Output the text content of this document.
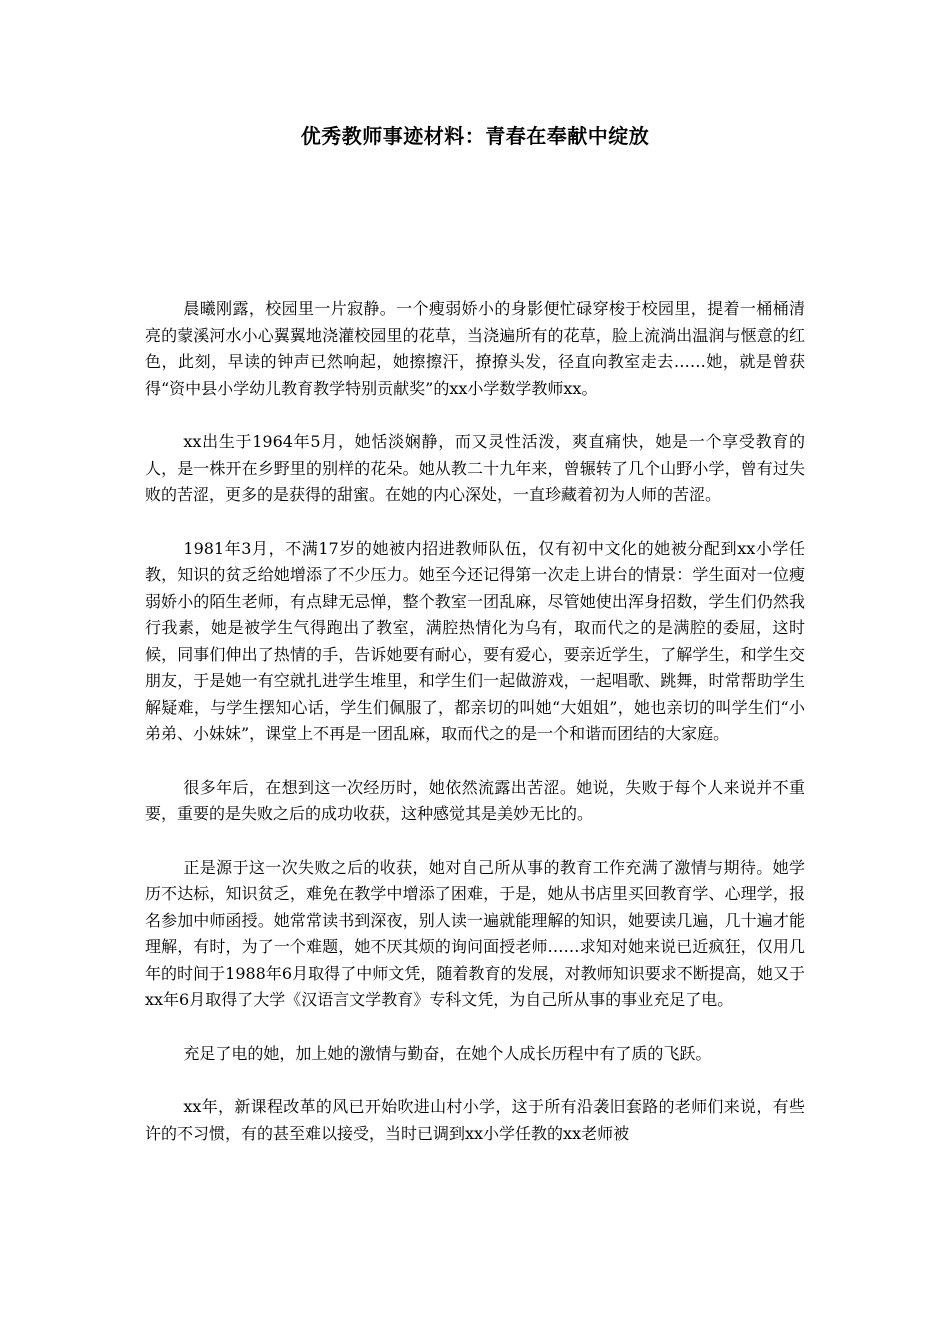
优秀教师事迹材料：青春在奉献中绽放

晨曦刚露，校园里一片寂静。一个瘦弱娇小的身影便忙碌穿梭于校园里，提着一桶桶清亮的蒙溪河水小心翼翼地浇灌校园里的花草，当浇遍所有的花草，脸上流淌出温润与惬意的红色，此刻，早读的钟声已然响起，她擦擦汗，撩撩头发，径直向教室走去……她，就是曾获得“资中县小学幼儿教育教学特别贡献奖”的xx小学数学教师xx。

xx出生于1964年5月，她恬淡娴静，而又灵性活泼，爽直痛快，她是一个享受教育的人，是一株开在乡野里的别样的花朵。她从教二十九年来，曾辗转了几个山野小学，曾有过失败的苦涩，更多的是获得的甜蜜。在她的内心深处，一直珍藏着初为人师的苦涩。

1981年3月，不满17岁的她被内招进教师队伍，仅有初中文化的她被分配到xx小学任教，知识的贫乏给她增添了不少压力。她至今还记得第一次走上讲台的情景：学生面对一位瘦弱娇小的陌生老师，有点肆无忌惮，整个教室一团乱麻，尽管她使出浑身招数，学生们仍然我行我素，她是被学生气得跑出了教室，满腔热情化为乌有，取而代之的是满腔的委屈，这时候，同事们伸出了热情的手，告诉她要有耐心，要有爱心，要亲近学生，了解学生，和学生交朋友，于是她一有空就扎进学生堆里，和学生们一起做游戏，一起唱歌、跳舞，时常帮助学生解疑难，与学生摆知心话，学生们佩服了，都亲切的叫她“大姐姐”，她也亲切的叫学生们“小弟弟、小妹妹”，课堂上不再是一团乱麻，取而代之的是一个和谐而团结的大家庭。

很多年后，在想到这一次经历时，她依然流露出苦涩。她说，失败于每个人来说并不重要，重要的是失败之后的成功收获，这种感觉其是美妙无比的。

正是源于这一次失败之后的收获，她对自己所从事的教育工作充满了激情与期待。她学历不达标，知识贫乏，难免在教学中增添了困难，于是，她从书店里买回教育学、心理学，报名参加中师函授。她常常读书到深夜，别人读一遍就能理解的知识，她要读几遍，几十遍才能理解，有时，为了一个难题，她不厌其烦的询问面授老师……求知对她来说已近疯狂，仅用几年的时间于1988年6月取得了中师文凭，随着教育的发展，对教师知识要求不断提高，她又于xx年6月取得了大学《汉语言文学教育》专科文凭，为自己所从事的事业充足了电。

充足了电的她，加上她的激情与勤奋，在她个人成长历程中有了质的飞跃。

xx年，新课程改革的风已开始吹进山村小学，这于所有沿袭旧套路的老师们来说，有些许的不习惯，有的甚至难以接受，当时已调到xx小学任教的xx老师被
